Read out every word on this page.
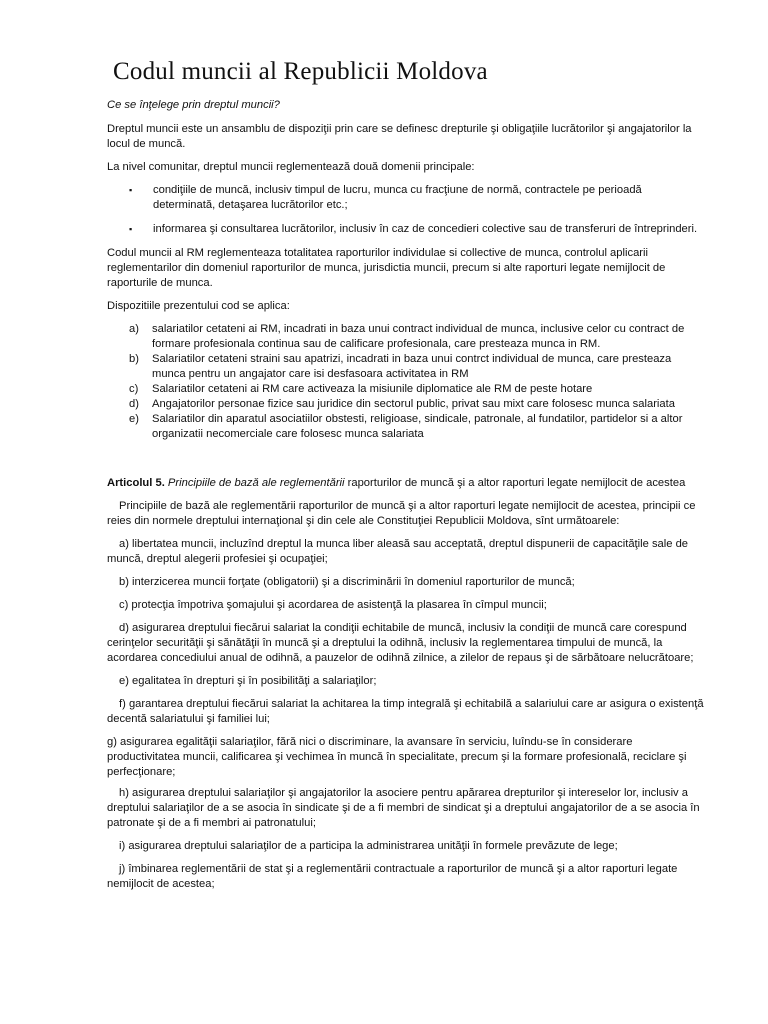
Codul muncii al Republicii Moldova

Ce se înţelege prin dreptul muncii?

Dreptul muncii este un ansamblu de dispoziţii prin care se definesc drepturile şi obligaţiile lucrătorilor şi angajatorilor la locul de muncă.

La nivel comunitar, dreptul muncii reglementează două domenii principale:

▪ condiţiile de muncă, inclusiv timpul de lucru, munca cu fracţiune de normă, contractele pe perioadă determinată, detaşarea lucrătorilor etc.;
▪ informarea şi consultarea lucrătorilor, inclusiv în caz de concedieri colective sau de transferuri de întreprinderi.

Codul muncii al RM reglementeaza totalitatea raporturilor individulae si collective de munca, controlul aplicarii reglementarilor din domeniul raporturilor de munca, jurisdictia muncii, precum si alte raporturi legate nemijlocit de raporturile de munca.

Dispozitiile prezentului cod se aplica:

a) salariatilor cetateni ai RM, incadrati in baza unui contract individual de munca, inclusive celor cu contract de formare profesionala continua sau de calificare profesionala, care presteaza munca in RM.
b) Salariatilor cetateni straini sau apatrizi, incadrati in baza unui contrct individual de munca, care presteaza munca pentru un angajator care isi desfasoara activitatea in RM
c) Salariatilor cetateni ai RM care activeaza la misiunile diplomatice ale RM de peste hotare
d) Angajatorilor personae fizice sau juridice din sectorul public, privat sau mixt care folosesc munca salariata
e) Salariatilor din aparatul asociatiilor obstesti, religioase, sindicale, patronale, al fundatilor, partidelor si a altor organizatii necomerciale care folosesc munca salariata

Articolul 5. Principiile de bază ale reglementării raporturilor de muncă şi a altor raporturi legate nemijlocit de acestea

Principiile de bază ale reglementării raporturilor de muncă şi a altor raporturi legate nemijlocit de acestea, principii ce reies din normele dreptului internaţional şi din cele ale Constituţiei Republicii Moldova, sînt următoarele:

a) libertatea muncii, incluzînd dreptul la munca liber aleasă sau acceptată, dreptul dispunerii de capacităţile sale de muncă, dreptul alegerii profesiei şi ocupaţiei;

b) interzicerea muncii forţate (obligatorii) şi a discriminării în domeniul raporturilor de muncă;

c) protecţia împotriva şomajului şi acordarea de asistenţă la plasarea în cîmpul muncii;

d) asigurarea dreptului fiecărui salariat la condiţii echitabile de muncă, inclusiv la condiţii de muncă care corespund cerinţelor securităţii şi sănătăţii în muncă şi a dreptului la odihnă, inclusiv la reglementarea timpului de muncă, la acordarea concediului anual de odihnă, a pauzelor de odihnă zilnice, a zilelor de repaus şi de sărbătoare nelucrătoare;

e) egalitatea în drepturi şi în posibilităţi a salariaţilor;

f) garantarea dreptului fiecărui salariat la achitarea la timp integrală şi echitabilă a salariului care ar asigura o existenţă decentă salariatului şi familiei lui;

g) asigurarea egalităţii salariaţilor, fără nici o discriminare, la avansare în serviciu, luîndu-se în considerare productivitatea muncii, calificarea şi vechimea în muncă în specialitate, precum şi la formare profesională, reciclare şi perfecţionare;

h) asigurarea dreptului salariaţilor şi angajatorilor la asociere pentru apărarea drepturilor şi intereselor lor, inclusiv a dreptului salariaţilor de a se asocia în sindicate şi de a fi membri de sindicat şi a dreptului angajatorilor de a se asocia în patronate şi de a fi membri ai patronatului;

i) asigurarea dreptului salariaţilor de a participa la administrarea unităţii în formele prevăzute de lege;

j) îmbinarea reglementării de stat şi a reglementării contractuale a raporturilor de muncă şi a altor raporturi legate nemijlocit de acestea;
